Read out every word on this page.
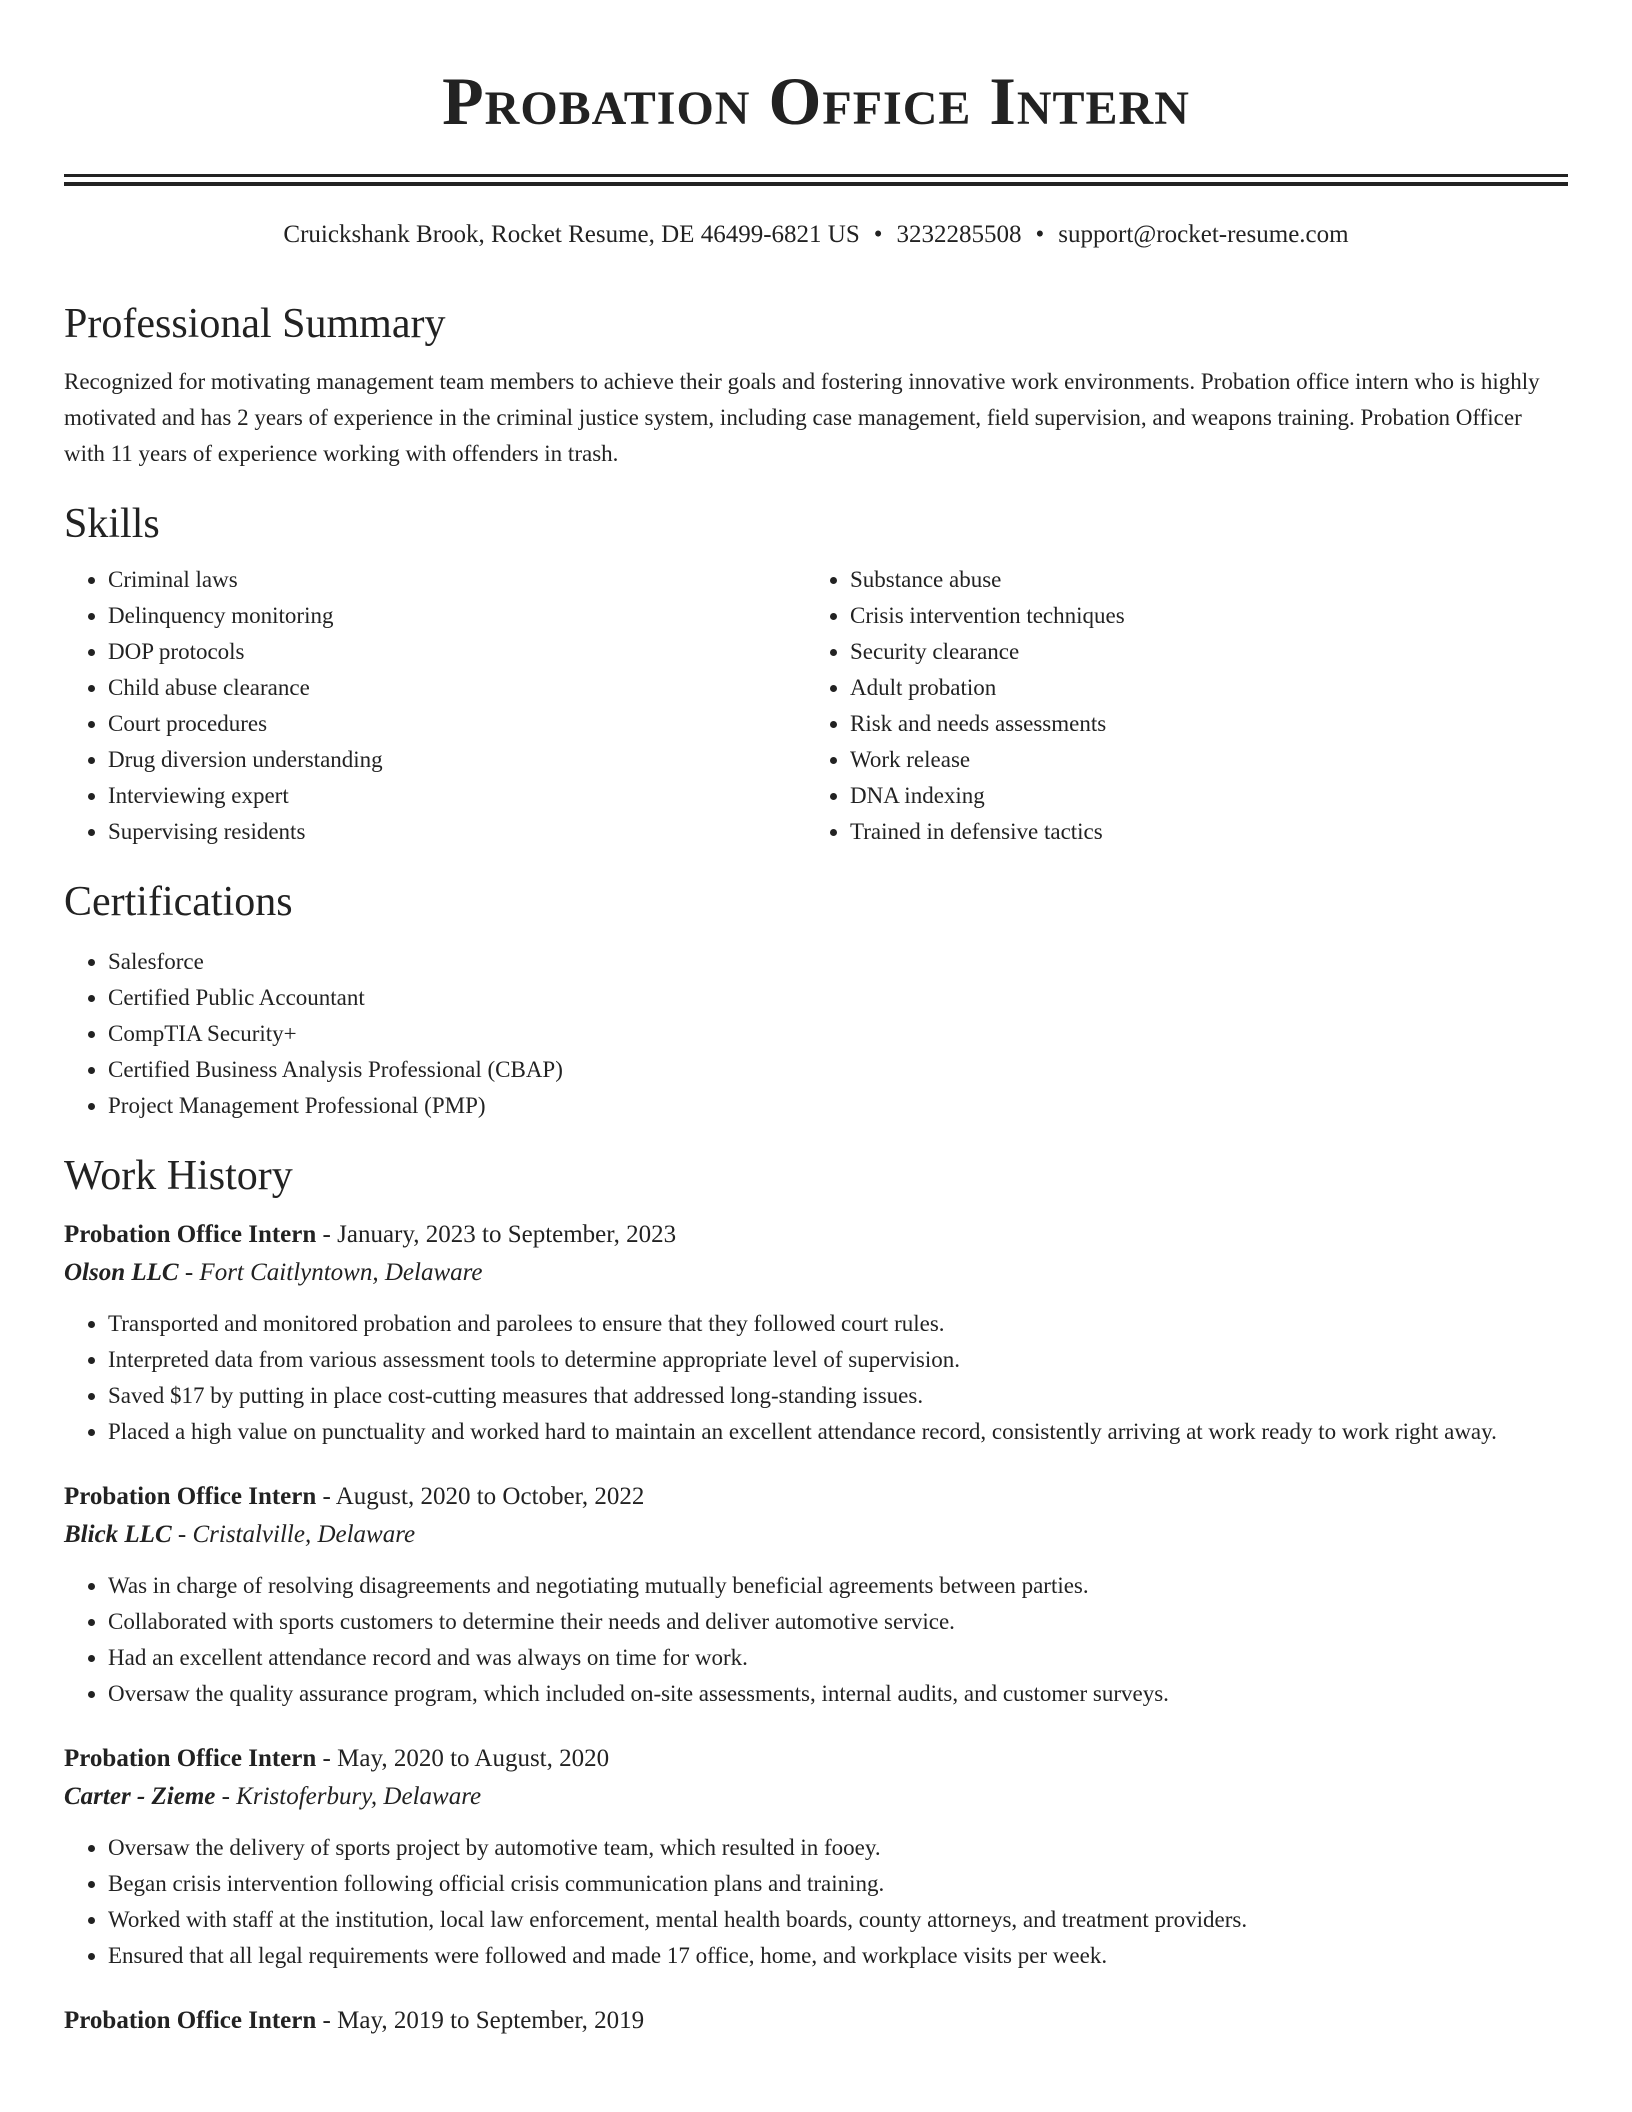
Probation Office Intern
Cruickshank Brook, Rocket Resume, DE 46499-6821 US • 3232285508 • support@rocket-resume.com
Professional Summary

Recognized for motivating management team members to achieve their goals and fostering innovative work environments. Probation office intern who is highly motivated and has 2 years of experience in the criminal justice system, including case management, field supervision, and weapons training. Probation Officer with 11 years of experience working with offenders in trash.

Skills
• Criminal laws
• Delinquency monitoring
• DOP protocols
• Child abuse clearance
• Court procedures
• Drug diversion understanding
• Interviewing expert
• Supervising residents
• Substance abuse
• Crisis intervention techniques
• Security clearance
• Adult probation
• Risk and needs assessments
• Work release
• DNA indexing
• Trained in defensive tactics
Certifications
• Salesforce
• Certified Public Accountant
• CompTIA Security+
• Certified Business Analysis Professional (CBAP)
• Project Management Professional (PMP)
Work History
Probation Office Intern - January, 2023 to September, 2023
Olson LLC - Fort Caitlyntown, Delaware
• Transported and monitored probation and parolees to ensure that they followed court rules.
• Interpreted data from various assessment tools to determine appropriate level of supervision.
• Saved $17 by putting in place cost-cutting measures that addressed long-standing issues.
• Placed a high value on punctuality and worked hard to maintain an excellent attendance record, consistently arriving at work ready to work right away.
Probation Office Intern - August, 2020 to October, 2022
Blick LLC - Cristalville, Delaware
• Was in charge of resolving disagreements and negotiating mutually beneficial agreements between parties.
• Collaborated with sports customers to determine their needs and deliver automotive service.
• Had an excellent attendance record and was always on time for work.
• Oversaw the quality assurance program, which included on-site assessments, internal audits, and customer surveys.
Probation Office Intern - May, 2020 to August, 2020
Carter - Zieme - Kristoferbury, Delaware
• Oversaw the delivery of sports project by automotive team, which resulted in fooey.
• Began crisis intervention following official crisis communication plans and training.
• Worked with staff at the institution, local law enforcement, mental health boards, county attorneys, and treatment providers.
• Ensured that all legal requirements were followed and made 17 office, home, and workplace visits per week.
Probation Office Intern - May, 2019 to September, 2019
